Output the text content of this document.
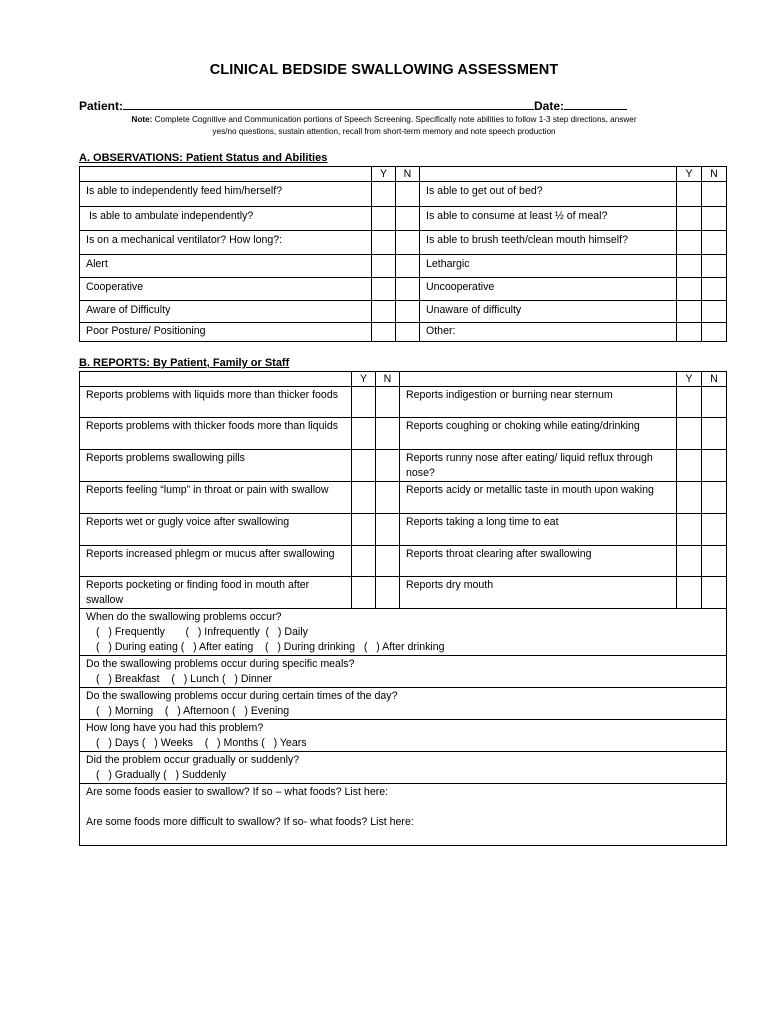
CLINICAL BEDSIDE SWALLOWING ASSESSMENT
Patient:	Date:
Note: Complete Cognitive and Communication portions of Speech Screening. Specifically note abilities to follow 1-3 step directions, answer
yes/no questions, sustain attention, recall from short-term memory and note speech production
A. OBSERVATIONS: Patient Status and Abilities
	Y	N		Y	N
Is able to independently feed him/herself?			Is able to get out of bed?		
Is able to ambulate independently?			Is able to consume at least ½ of meal?		
Is on a mechanical ventilator? How long?:			Is able to brush teeth/clean mouth himself?		
Alert			Lethargic		
Cooperative			Uncooperative		
Aware of Difficulty			Unaware of difficulty		
Poor Posture/ Positioning			Other:		
B. REPORTS: By Patient, Family or Staff
	Y	N		Y	N
Reports problems with liquids more than thicker foods			Reports indigestion or burning near sternum		
Reports problems with thicker foods more than liquids			Reports coughing or choking while eating/drinking		
Reports problems swallowing pills			Reports runny nose after eating/ liquid reflux through nose?		
Reports feeling “lump” in throat or pain with swallow			Reports acidy or metallic taste in mouth upon waking		
Reports wet or gugly voice after swallowing			Reports taking a long time to eat		
Reports increased phlegm or mucus after swallowing			Reports throat clearing after swallowing		
Reports pocketing or finding food in mouth after swallow			Reports dry mouth		
When do the swallowing problems occur?

(   ) Frequently       (   ) Infrequently  (   ) Daily
(   ) During eating (   ) After eating    (   ) During drinking   (   ) After drinking					

Do the swallowing problems occur during specific meals?

(   ) Breakfast    (   ) Lunch (   ) Dinner					

Do the swallowing problems occur during certain times of the day?

(   ) Morning    (   ) Afternoon (   ) Evening					

How long have you had this problem?

(   ) Days (   ) Weeks    (   ) Months (   ) Years					

Did the problem occur gradually or suddenly?

(   ) Gradually (   ) Suddenly					

Are some foods easier to swallow? If so – what foods? List here:

Are some foods more difficult to swallow? If so- what foods? List here:					
